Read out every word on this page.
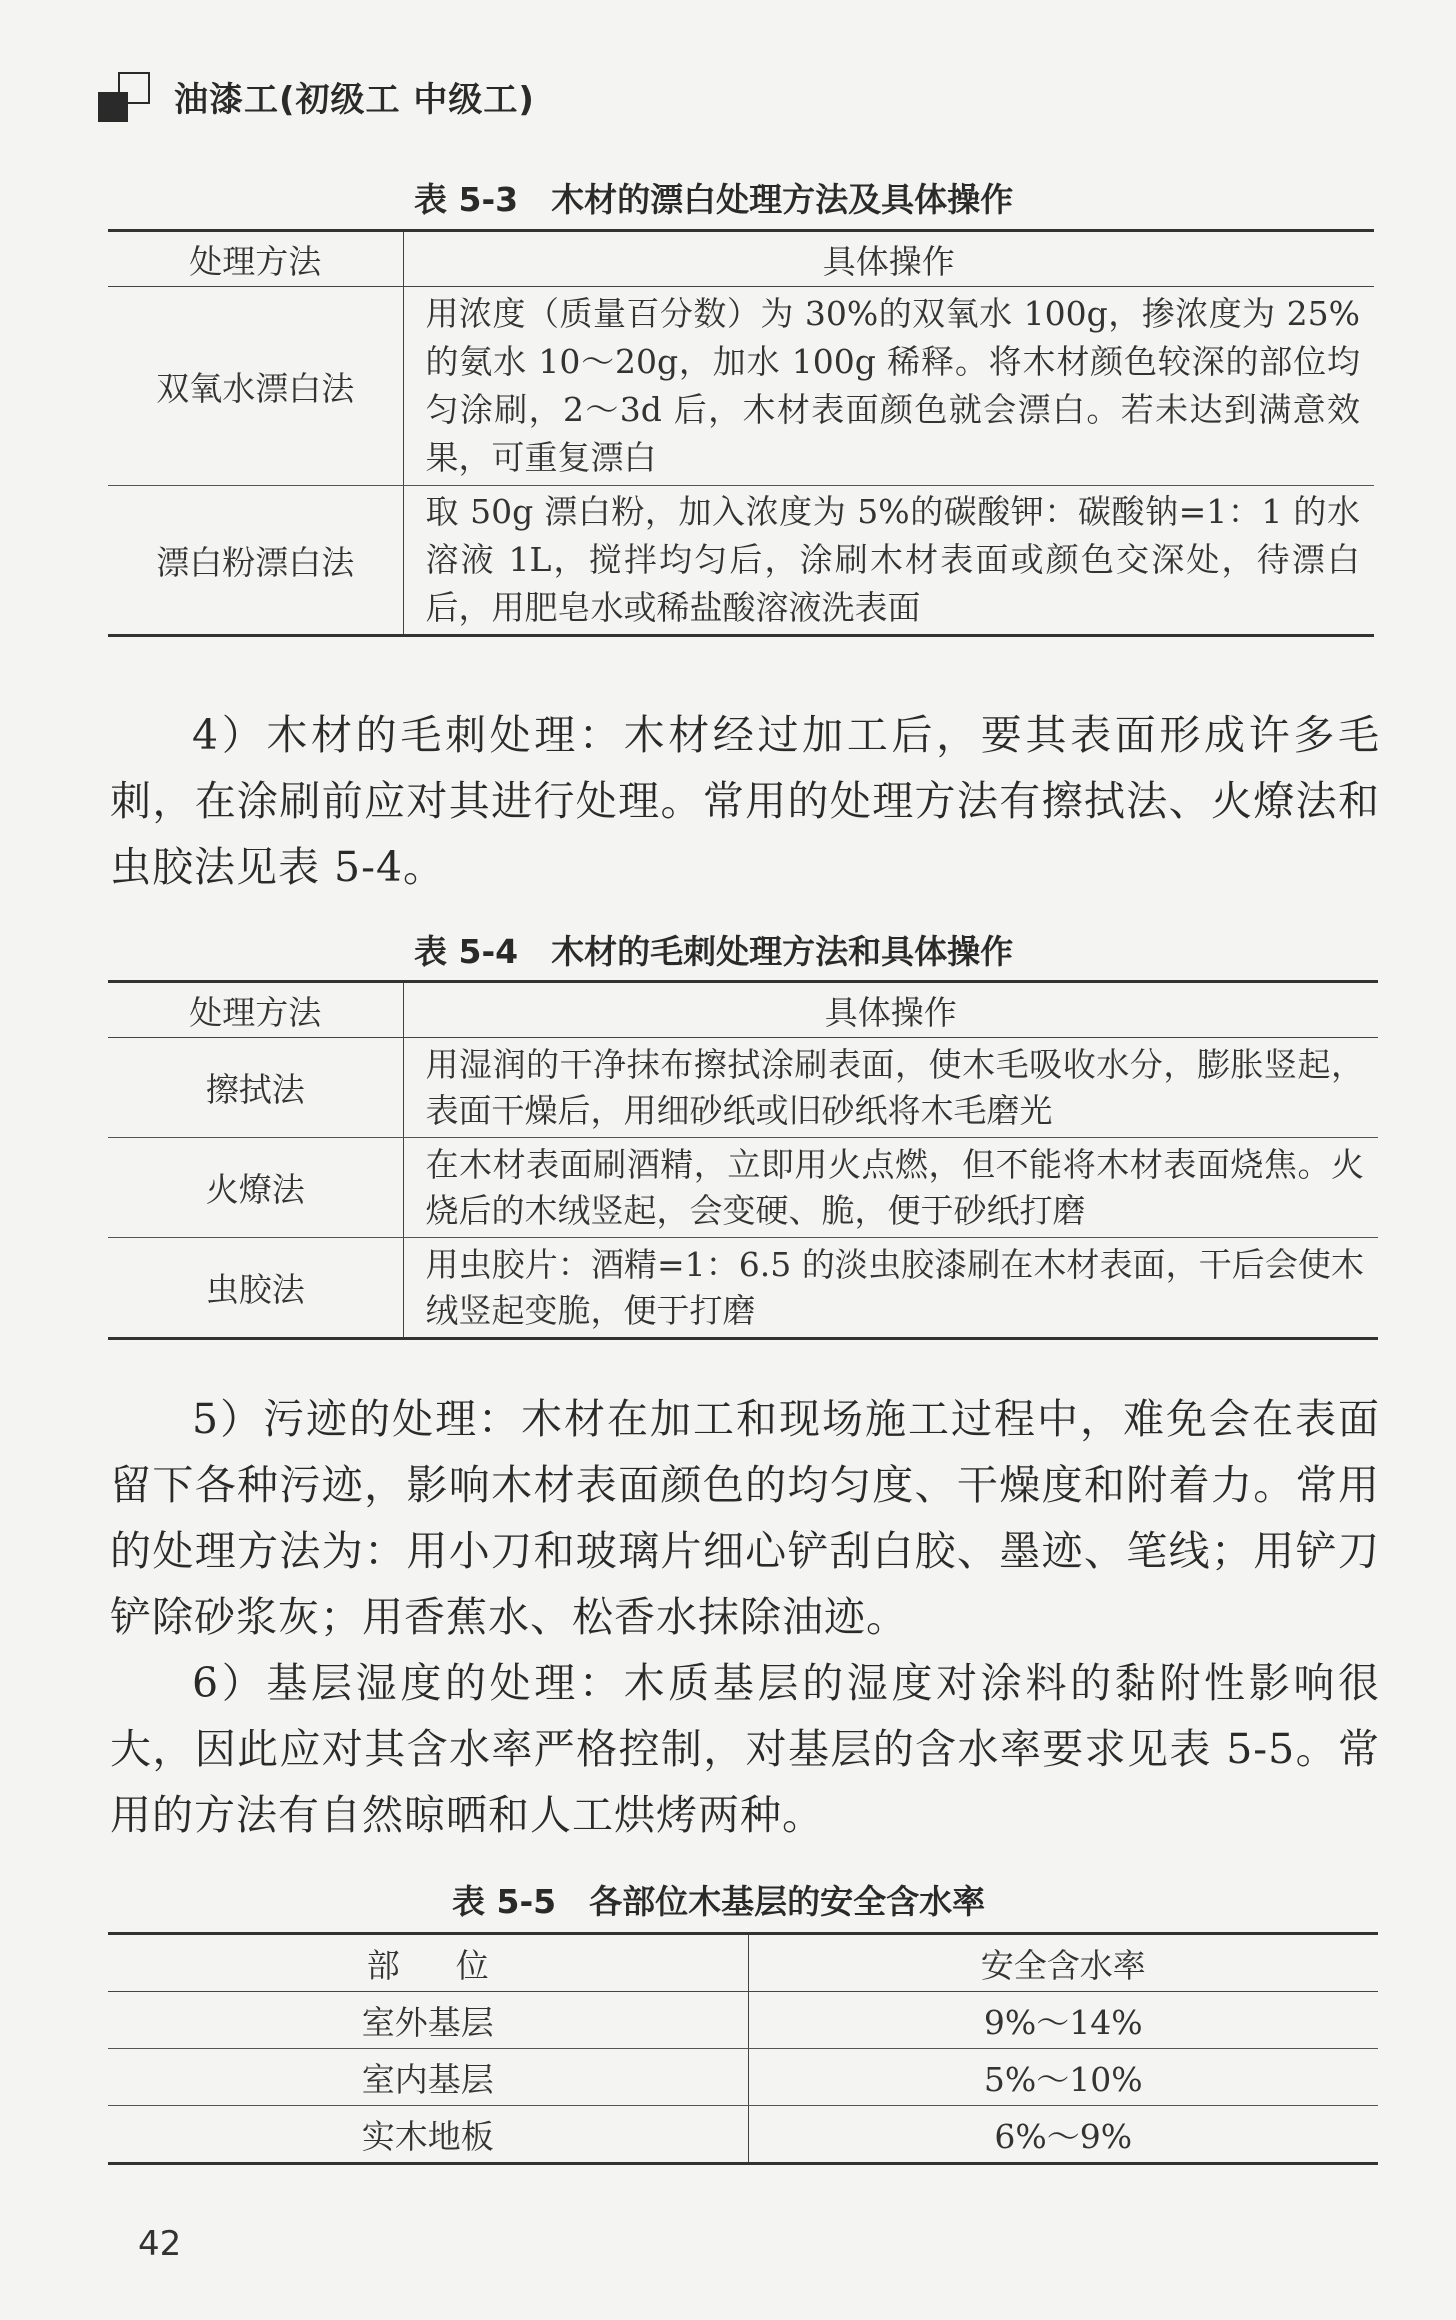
油漆工(初级工 中级工)
表 5-3　木材的漂白处理方法及具体操作
处理方法	具体操作
双氧水漂白法	用浓度（质量百分数）为 30%的双氧水 100g，掺浓度为 25%的氨水 10～20g，加水 100g 稀释。将木材颜色较深的部位均匀涂刷，2～3d 后，木材表面颜色就会漂白。若未达到满意效果，可重复漂白
漂白粉漂白法	取 50g 漂白粉，加入浓度为 5%的碳酸钾：碳酸钠=1：1 的水溶液 1L，搅拌均匀后，涂刷木材表面或颜色交深处，待漂白后，用肥皂水或稀盐酸溶液洗表面
4）木材的毛刺处理：木材经过加工后，要其表面形成许多毛刺，在涂刷前应对其进行处理。常用的处理方法有擦拭法、火燎法和虫胶法见表 5-4。
表 5-4　木材的毛刺处理方法和具体操作
处理方法	具体操作
擦拭法	用湿润的干净抹布擦拭涂刷表面，使木毛吸收水分，膨胀竖起，表面干燥后，用细砂纸或旧砂纸将木毛磨光
火燎法	在木材表面刷酒精，立即用火点燃，但不能将木材表面烧焦。火烧后的木绒竖起，会变硬、脆，便于砂纸打磨
虫胶法	用虫胶片：酒精=1：6.5 的淡虫胶漆刷在木材表面，干后会使木绒竖起变脆，便于打磨
5）污迹的处理：木材在加工和现场施工过程中，难免会在表面留下各种污迹，影响木材表面颜色的均匀度、干燥度和附着力。常用的处理方法为：用小刀和玻璃片细心铲刮白胶、墨迹、笔线；用铲刀铲除砂浆灰；用香蕉水、松香水抹除油迹。
6）基层湿度的处理：木质基层的湿度对涂料的黏附性影响很大，因此应对其含水率严格控制，对基层的含水率要求见表 5-5。常用的方法有自然晾晒和人工烘烤两种。
表 5-5　各部位木基层的安全含水率
部位	安全含水率
室外基层	9%～14%
室内基层	5%～10%
实木地板	6%～9%
42
